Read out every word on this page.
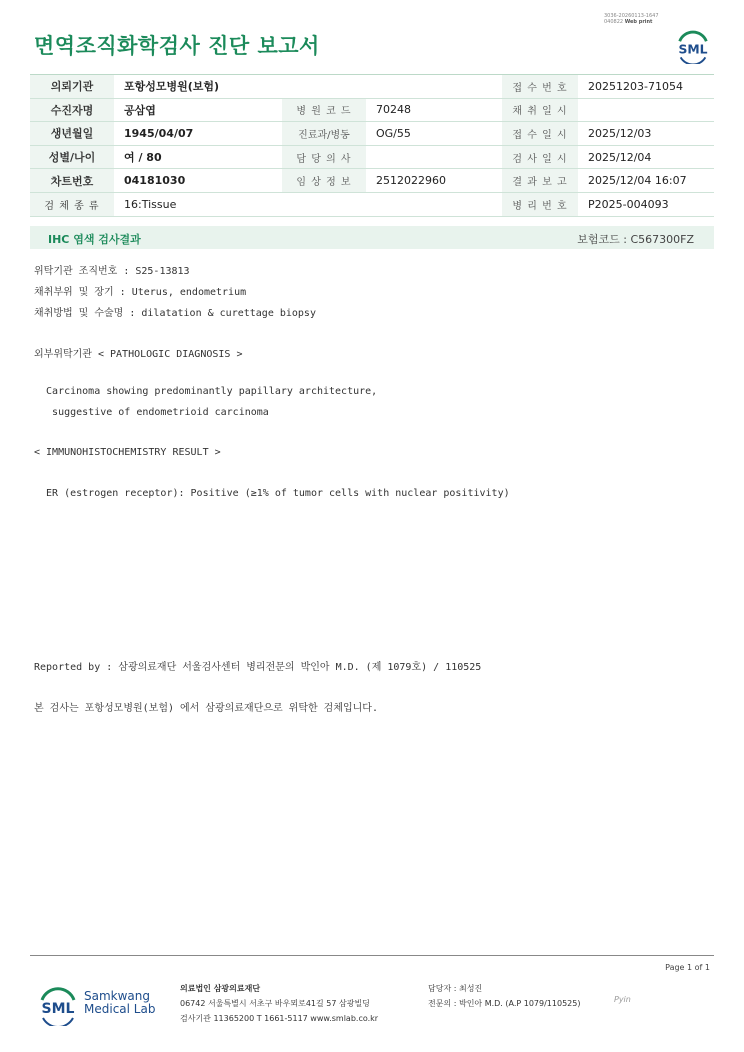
3036-20260113-1647
040822 Web print
면역조직화학검사 진단 보고서	SML
의뢰기관	포항성모병원(보험)			접 수 번 호	20251203-71054
수진자명	공삼엽	병 원 코 드	70248	채 취 일 시	
생년월일	1945/04/07	진료과/병동	OG/55	접 수 일 시	2025/12/03
성별/나이	여 / 80	담 당 의 사		검 사 일 시	2025/12/04
차트번호	04181030	임 상 정 보	2512022960	결 과 보 고	2025/12/04 16:07
검 체 종 류	16:Tissue			병 리 번 호	P2025-004093
IHC 염색 검사결과	보험코드 : C567300FZ
위탁기관 조직번호 : S25-13813
채취부위 및 장기 : Uterus, endometrium
채취방법 및 수술명 : dilatation & curettage biopsy
외부위탁기관 < PATHOLOGIC DIAGNOSIS >
Carcinoma showing predominantly papillary architecture,
suggestive of endometrioid carcinoma
< IMMUNOHISTOCHEMISTRY RESULT >
ER (estrogen receptor): Positive (≥1% of tumor cells with nuclear positivity)
Reported by : 삼광의료재단 서울검사센터 병리전문의 박인아 M.D. (제 1079호) / 110525
본 검사는 포항성모병원(보험) 에서 삼광의료재단으로 위탁한 검체입니다.
Page 1 of 1
SML
Samkwang
Medical Lab
의료법인 삼광의료재단
06742 서울특별시 서초구 바우뫼로41길 57 삼광빌딩
검사기관 11365200 T 1661-5117 www.smlab.co.kr
담당자 : 최성진
전문의 : 박인아 M.D. (A.P 1079/110525)	Pyin
